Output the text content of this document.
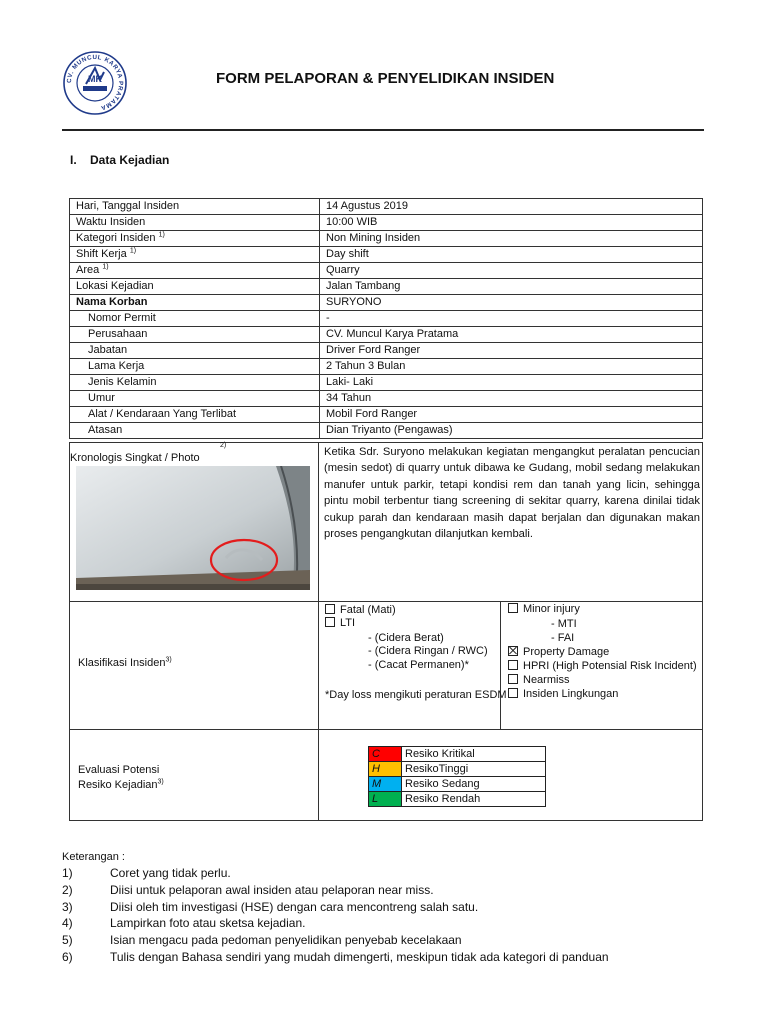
CV. MUNCUL KARYA PRATAMA
MK	FORM PELAPORAN & PENYELIDIKAN INSIDEN
I. Data Kejadian
Hari, Tanggal Insiden	14 Agustus 2019
Waktu Insiden	10:00 WIB
Kategori Insiden $^{1)}$	Non Mining Insiden
Shift Kerja $^{1)}$	Day shift
Area $^{1)}$	Quarry
Lokasi Kejadian	Jalan Tambang
Nama Korban	SURYONO
Nomor Permit	-
Perusahaan	CV. Muncul Karya Pratama
Jabatan	Driver Ford Ranger
Lama Kerja	2 Tahun 3 Bulan
Jenis Kelamin	Laki- Laki
Umur	34 Tahun
Alat / Kendaraan Yang Terlibat	Mobil Ford Ranger
Atasan	Dian Triyanto (Pengawas)
Kronologis Singkat / Photo
2)
Ketika Sdr. Suryono melakukan kegiatan mengangkut peralatan pencucian (mesin sedot) di quarry untuk dibawa ke Gudang, mobil sedang melakukan manufer untuk parkir, tetapi kondisi rem dan tanah yang licin, sehingga pintu mobil terbentur tiang screening di sekitar quarry, karena dinilai tidak cukup parah dan kendaraan masih dapat berjalan dan digunakan makan proses pengangkutan dilanjutkan kembali.
Klasifikasi Insiden$^{3)}$
Fatal (Mati)
LTI
- (Cidera Berat)
- (Cidera Ringan / RWC)
- (Cacat Permanen)*
*Day loss mengikuti peraturan ESDM
Minor injury
- MTI
- FAI
Property Damage
HPRI (High Potensial Risk Incident)
Nearmiss
Insiden Lingkungan
Evaluasi Potensi
Resiko Kejadian$^{3)}$
C	Resiko Kritikal
H	ResikoTinggi
M	Resiko Sedang
L	Resiko Rendah
Keterangan :
1)	Coret yang tidak perlu.
2)	Diisi untuk pelaporan awal insiden atau pelaporan near miss.
3)	Diisi oleh tim investigasi (HSE) dengan cara mencontreng salah satu.
4)	Lampirkan foto atau sketsa kejadian.
5)	Isian mengacu pada pedoman penyelidikan penyebab kecelakaan
6)	Tulis dengan Bahasa sendiri yang mudah dimengerti, meskipun tidak ada kategori di panduan
